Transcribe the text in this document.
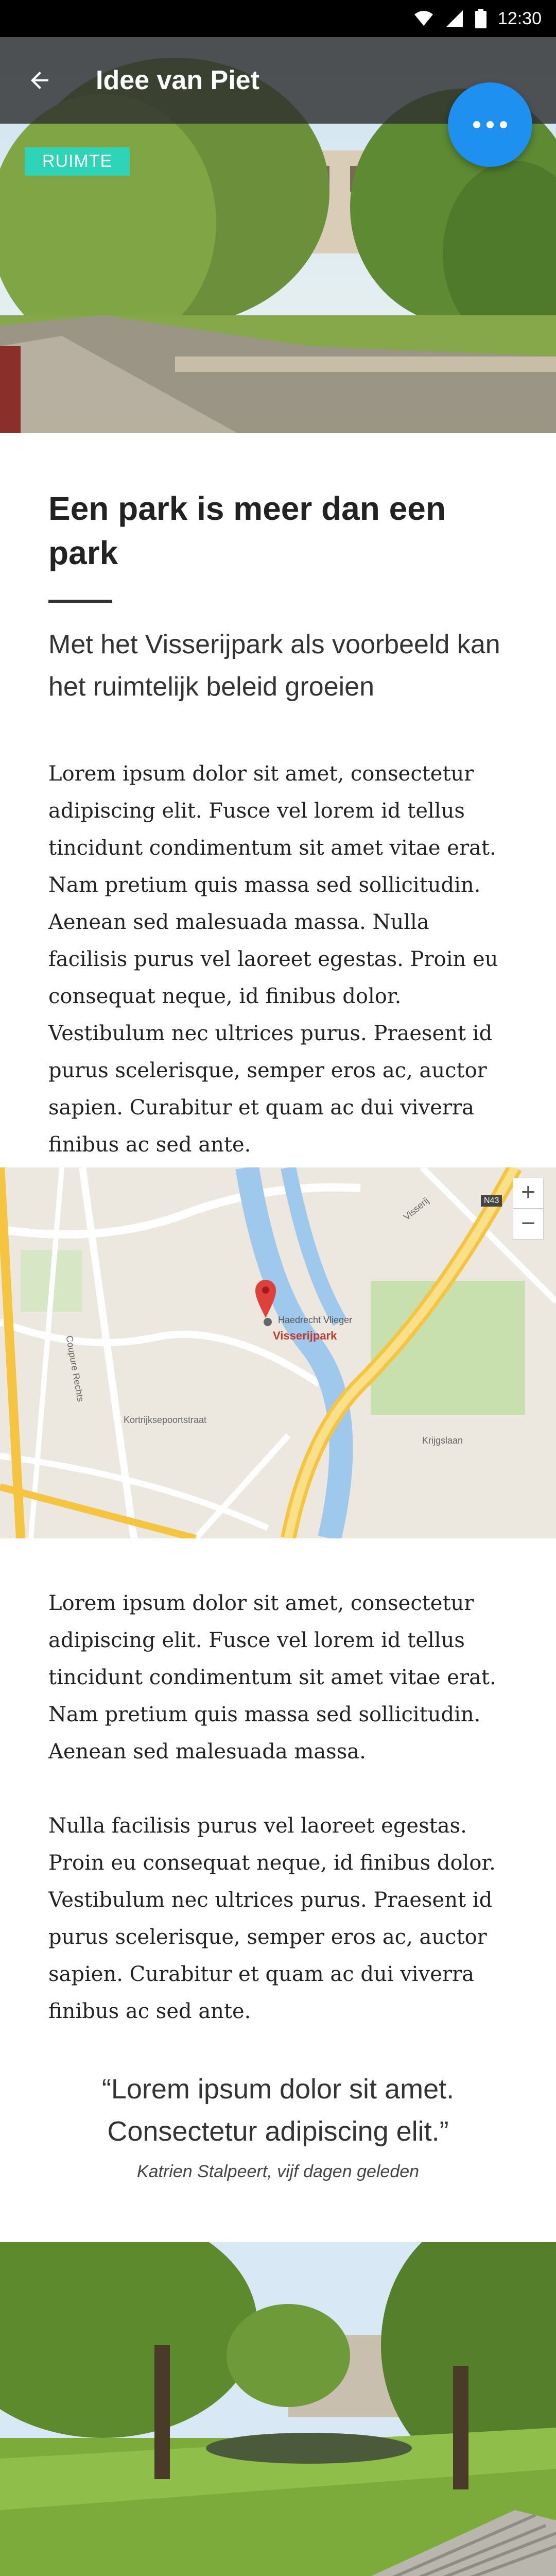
12:30
Idee van Piet
RUIMTE
Een park is meer dan een park
Met het Visserijpark als voorbeeld kan het ruimtelijk beleid groeien
Lorem ipsum dolor sit amet, consectetur adipiscing elit. Fusce vel lorem id tellus tincidunt condimentum sit amet vitae erat. Nam pretium quis massa sed sollicitudin. Aenean sed malesuada massa. Nulla facilisis purus vel laoreet egestas. Proin eu consequat neque, id finibus dolor. Vestibulum nec ultrices purus. Praesent id purus scelerisque, semper eros ac, auctor sapien. Curabitur et quam ac dui viverra finibus ac sed ante.
Visserijpark
Haedrecht Vlieger
Visserij
Kortrijksepoortstraat
Coupure Rechts
Krijgslaan
N43 +
−
Lorem ipsum dolor sit amet, consectetur adipiscing elit. Fusce vel lorem id tellus tincidunt condimentum sit amet vitae erat. Nam pretium quis massa sed sollicitudin. Aenean sed malesuada massa.
Nulla facilisis purus vel laoreet egestas. Proin eu consequat neque, id finibus dolor. Vestibulum nec ultrices purus. Praesent id purus scelerisque, semper eros ac, auctor sapien. Curabitur et quam ac dui viverra finibus ac sed ante.
“Lorem ipsum dolor sit amet. Consectetur adipiscing elit.”
Katrien Stalpeert, vijf dagen geleden
